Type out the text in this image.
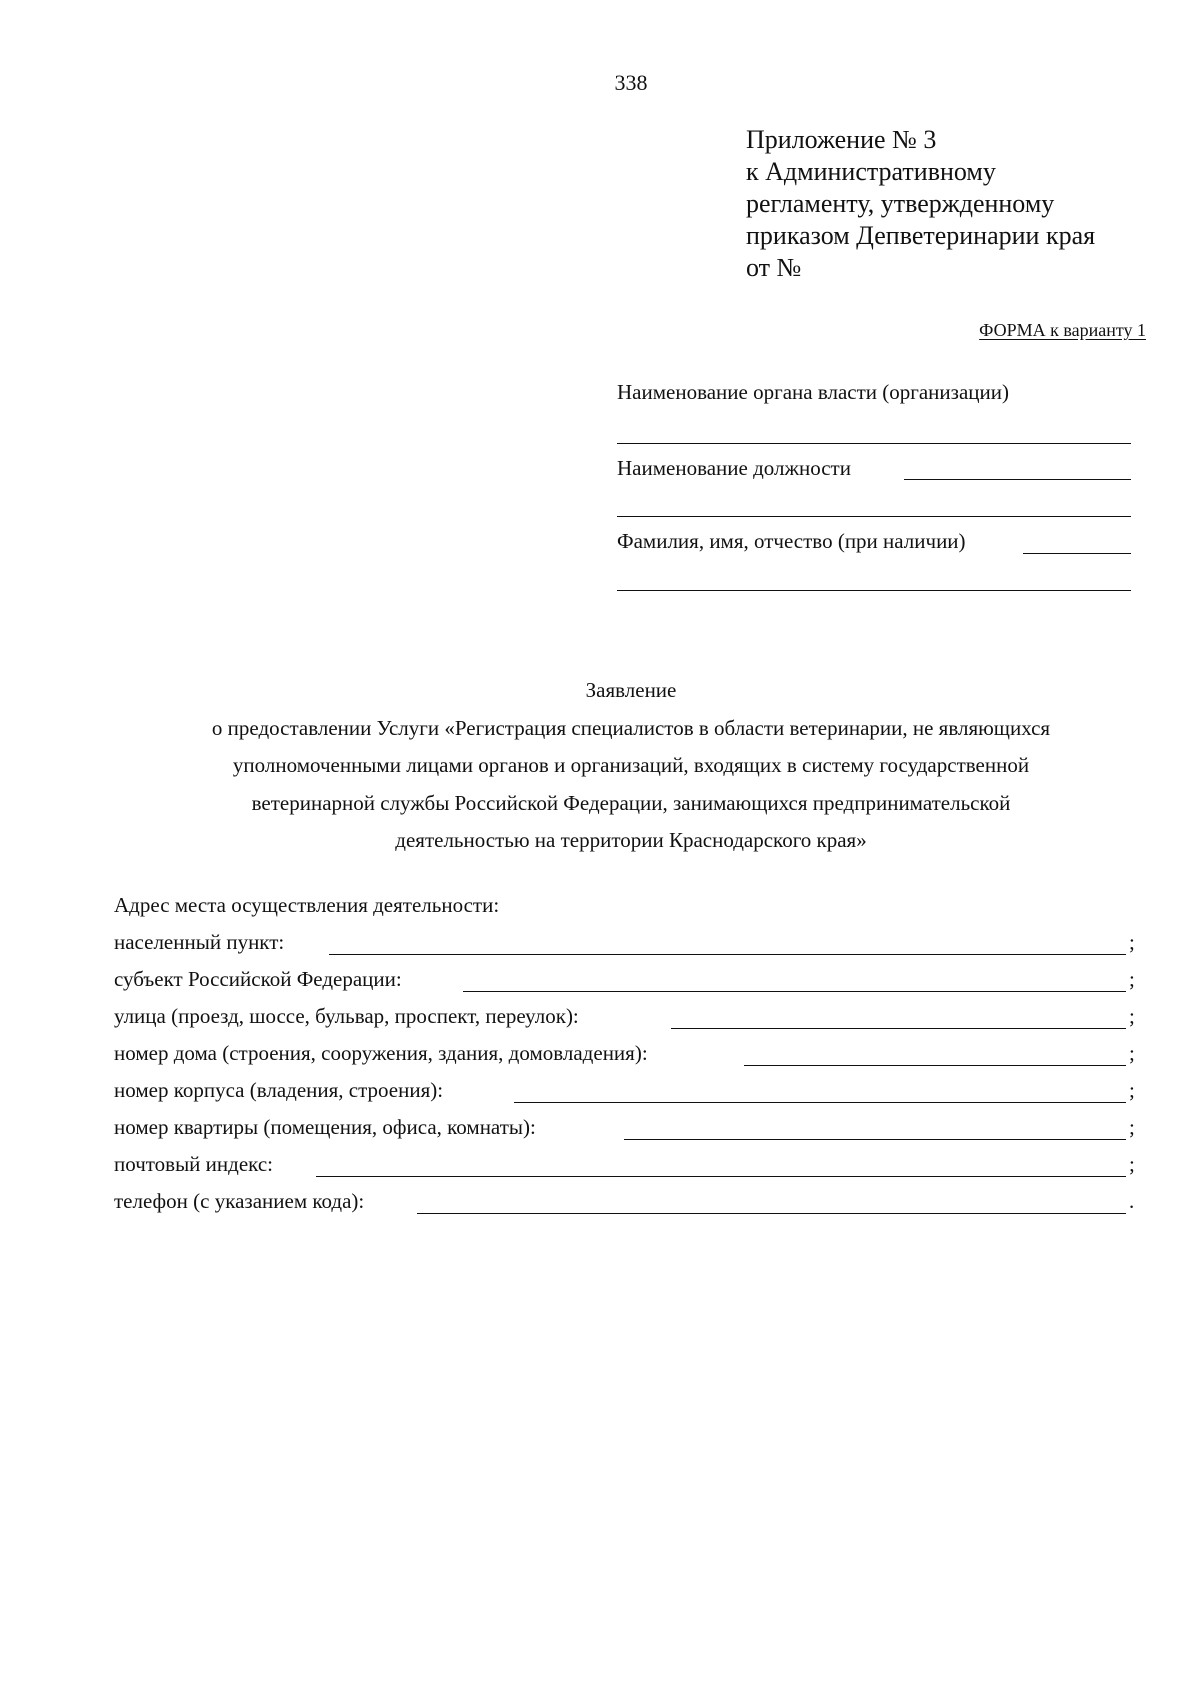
338
Приложение № 3
к Административному
регламенту, утвержденному
приказом Депветеринарии края
от №
ФОРМА к варианту 1
Наименование органа власти (организации)
Наименование должности
Фамилия, имя, отчество (при наличии)
Заявление
о предоставлении Услуги «Регистрация специалистов в области ветеринарии, не являющихся
уполномоченными лицами органов и организаций, входящих в систему государственной
ветеринарной службы Российской Федерации, занимающихся предпринимательской
деятельностью на территории Краснодарского края»
Адрес места осуществления деятельности:
населенный пункт:	;
субъект Российской Федерации:	;
улица (проезд, шоссе, бульвар, проспект, переулок):	;
номер дома (строения, сооружения, здания, домовладения):	;
номер корпуса (владения, строения):	;
номер квартиры (помещения, офиса, комнаты):	;
почтовый индекс:	;
телефон (с указанием кода):	.
